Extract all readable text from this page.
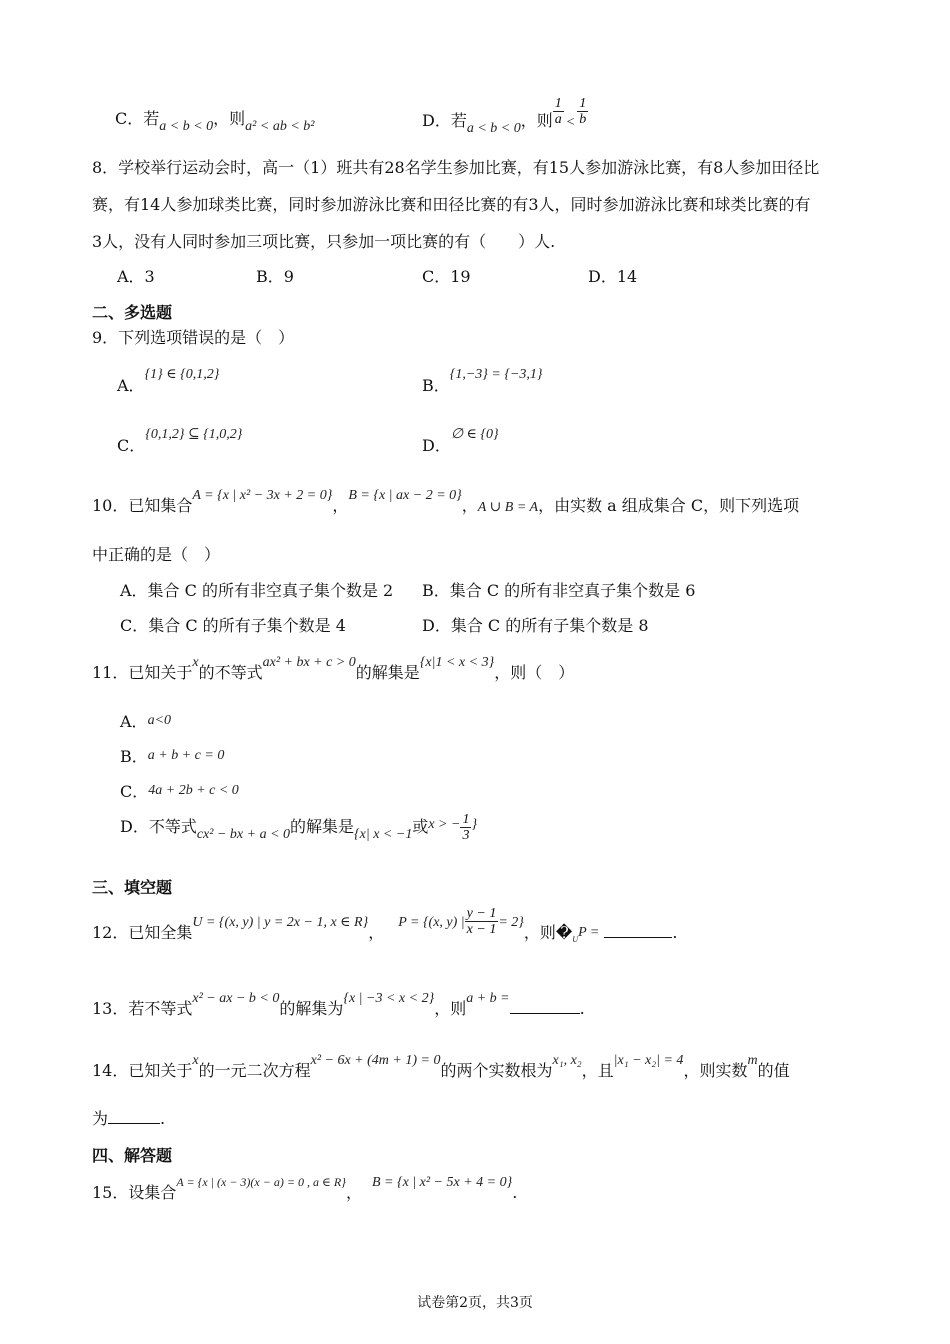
C．若a < b < 0，则a² < ab < b²	D．若a < b < 0，则 $\frac{1}{a} < \frac{1}{b}$
8．学校举行运动会时，高一（1）班共有28名学生参加比赛，有15人参加游泳比赛，有8人参加田径比
赛，有14人参加球类比赛，同时参加游泳比赛和田径比赛的有3人，同时参加游泳比赛和球类比赛的有
3人，没有人同时参加三项比赛，只参加一项比赛的有（　　）人.
A．3	B．9	C．19	D．14
二、多选题
9．下列选项错误的是（　）
A．{1} ∈ {0,1,2}
B．{1,−3} = {−3,1}
C．{0,1,2} ⊆ {1,0,2}
D．∅ ∈ {0}
10．已知集合A = {x | x² − 3x + 2 = 0}，B = {x | ax − 2 = 0}，A ∪ B = A，由实数 a 组成集合 C，则下列选项
中正确的是（　）
A．集合 C 的所有非空真子集个数是 2 B．集合 C 的所有非空真子集个数是 6
C．集合 C 的所有子集个数是 4	D．集合 C 的所有子集个数是 8
11．已知关于x的不等式ax² + bx + c > 0的解集是{x|1 < x < 3}，则（　）
A．a<0
B．a + b + c = 0
C．4a + 2b + c < 0
D．不等式cx² − bx + a < 0的解集是{x| x < −1或x > − $\frac{1}{3}$ }
三、填空题
12．已知全集U = {(x, y) | y = 2x − 1, x ∈ R}，P = {(x, y) | $\frac{y - 1}{x - 1} = 2$}，则$�_UP$ =	.
13．若不等式x² − ax − b < 0的解集为{x | −3 < x < 2}，则a + b =.
14．已知关于x的一元二次方程x² − 6x + (4m + 1) = 0的两个实数根为x₁, x₂，且|x₁ − x₂| = 4，则实数m的值
为	.
四、解答题
15．设集合A = {x | (x − 3)(x − a) = 0 , a ∈ R}，B = {x | x² − 5x + 4 = 0}.
试卷第2页，共3页
